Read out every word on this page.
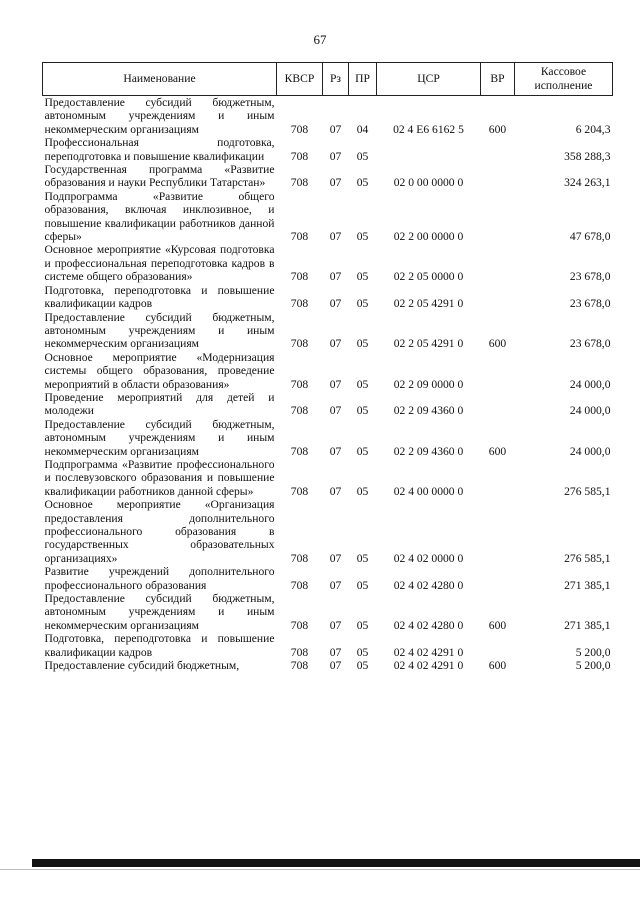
67
Наименование	КВСР	Рз	ПР	ЦСР	ВР	Кассовое исполнение
Предоставление субсидий бюджетным, автономным учреждениям и иным некоммерческим организациям	708	07	04	02 4 Е6 6162 5	600	6 204,3
Профессиональная подготовка, переподготовка и повышение квалификации	708	07	05			358 288,3
Государственная программа «Развитие образования и науки Республики Татарстан»	708	07	05	02 0 00 0000 0		324 263,1
Подпрограмма «Развитие общего образования, включая инклюзивное, и повышение квалификации работников данной сферы»	708	07	05	02 2 00 0000 0		47 678,0
Основное мероприятие «Курсовая подготовка и профессиональная переподготовка кадров в системе общего образования»	708	07	05	02 2 05 0000 0		23 678,0
Подготовка, переподготовка и повышение квалификации кадров	708	07	05	02 2 05 4291 0		23 678,0
Предоставление субсидий бюджетным, автономным учреждениям и иным некоммерческим организациям	708	07	05	02 2 05 4291 0	600	23 678,0
Основное мероприятие «Модернизация системы общего образования, проведение мероприятий в области образования»	708	07	05	02 2 09 0000 0		24 000,0
Проведение мероприятий для детей и молодежи	708	07	05	02 2 09 4360 0		24 000,0
Предоставление субсидий бюджетным, автономным учреждениям и иным некоммерческим организациям	708	07	05	02 2 09 4360 0	600	24 000,0
Подпрограмма «Развитие профессионального и послевузовского образования и повышение квалификации работников данной сферы»	708	07	05	02 4 00 0000 0		276 585,1
Основное мероприятие «Организация предоставления дополнительного профессионального образования в государственных образовательных организациях»	708	07	05	02 4 02 0000 0		276 585,1
Развитие учреждений дополнительного профессионального образования	708	07	05	02 4 02 4280 0		271 385,1
Предоставление субсидий бюджетным, автономным учреждениям и иным некоммерческим организациям	708	07	05	02 4 02 4280 0	600	271 385,1
Подготовка, переподготовка и повышение квалификации кадров	708	07	05	02 4 02 4291 0		5 200,0
Предоставление субсидий бюджетным,	708	07	05	02 4 02 4291 0	600	5 200,0
